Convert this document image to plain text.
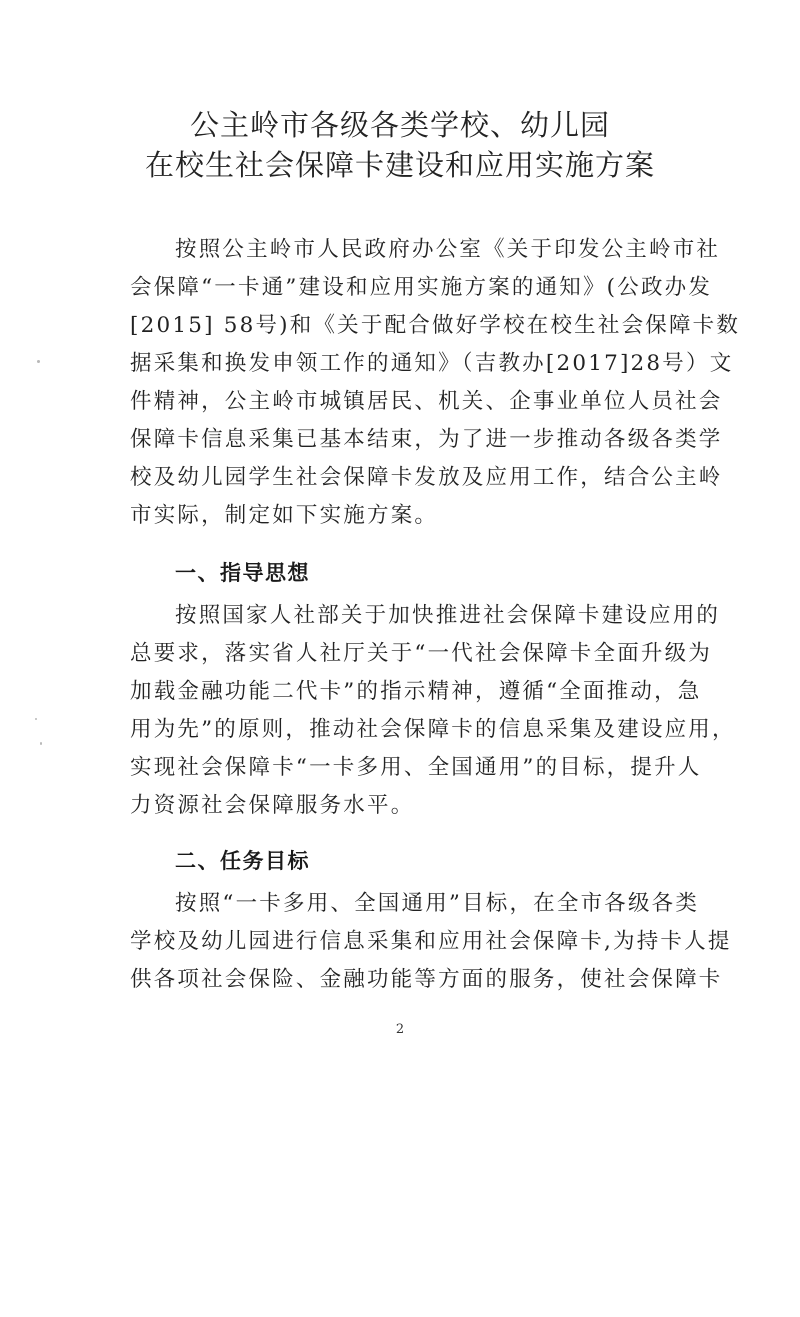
公主岭市各级各类学校、幼儿园
在校生社会保障卡建设和应用实施方案
按照公主岭市人民政府办公室《关于印发公主岭市社
会保障“一卡通”建设和应用实施方案的通知》(公政办发
[2015] 58号)和《关于配合做好学校在校生社会保障卡数
据采集和换发申领工作的通知》（吉教办[2017]28号）文
件精神，公主岭市城镇居民、机关、企事业单位人员社会
保障卡信息采集已基本结束，为了进一步推动各级各类学
校及幼儿园学生社会保障卡发放及应用工作，结合公主岭
市实际，制定如下实施方案。
一、指导思想
按照国家人社部关于加快推进社会保障卡建设应用的
总要求，落实省人社厅关于“一代社会保障卡全面升级为
加载金融功能二代卡”的指示精神，遵循“全面推动，急
用为先”的原则，推动社会保障卡的信息采集及建设应用，
实现社会保障卡“一卡多用、全国通用”的目标，提升人
力资源社会保障服务水平。
二、任务目标
按照“一卡多用、全国通用”目标，在全市各级各类
学校及幼儿园进行信息采集和应用社会保障卡,为持卡人提
供各项社会保险、金融功能等方面的服务，使社会保障卡
2
